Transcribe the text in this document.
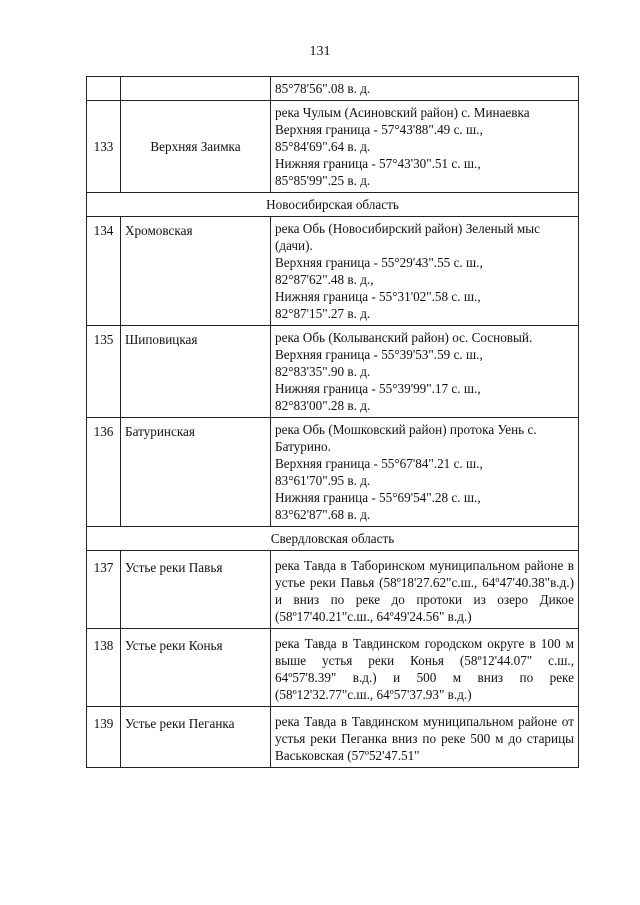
131

		85°78'56".08 в. д.

133	Верхняя Заимка	река Чулым (Асиновский район) с. Минаевка
Верхняя граница - 57°43'88".49 с. ш.,
85°84'69".64 в. д.
Нижняя граница - 57°43'30".51 с. ш.,
85°85'99".25 в. д.

Новосибирская область		
134	Хромовская	река Обь (Новосибирский район) Зеленый мыс (дачи).
Верхняя граница - 55°29'43".55 с. ш.,
82°87'62".48 в. д.,
Нижняя граница - 55°31'02".58 с. ш.,
82°87'15".27 в. д.

135	Шиповицкая	река Обь (Колыванский район) ос. Сосновый.
Верхняя граница - 55°39'53".59 с. ш.,
82°83'35".90 в. д.
Нижняя граница - 55°39'99".17 с. ш.,
82°83'00".28 в. д.

136	Батуринская	река Обь (Мошковский район) протока Уень с. Батурино.
Верхняя граница - 55°67'84".21 с. ш.,
83°61'70".95 в. д.
Нижняя граница - 55°69'54".28 с. ш.,
83°62'87".68 в. д.

Свердловская область		
137	Устье реки Павья	река Тавда в Таборинском муниципальном районе в устье реки Павья (58º18'27.62"с.ш., 64º47'40.38"в.д.) и вниз по реке до протоки из озеро Дикое (58º17'40.21"с.ш., 64º49'24.56" в.д.)
138	Устье реки Конья	река Тавда в Тавдинском городском округе в 100 м выше устья реки Конья (58º12'44.07" с.ш., 64º57'8.39" в.д.) и 500 м вниз по реке (58º12'32.77"с.ш., 64º57'37.93" в.д.)
139	Устье реки Пеганка	река Тавда в Тавдинском муниципальном районе от устья реки Пеганка вниз по реке 500 м до старицы Васьковская (57º52'47.51"
